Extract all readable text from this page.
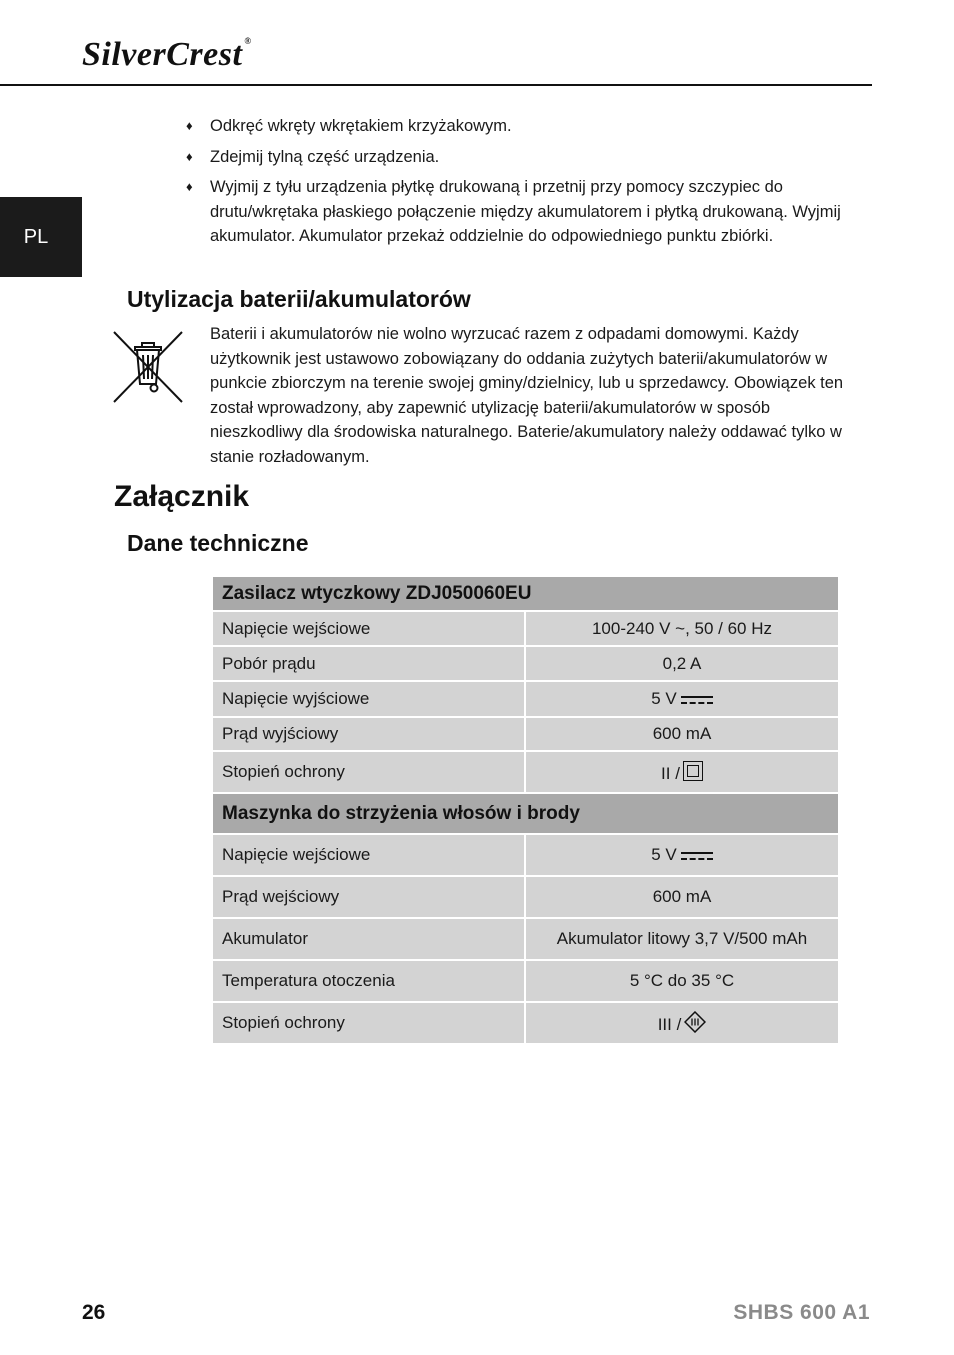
SilverCrest ®
PL
♦ Odkręć wkręty wkrętakiem krzyżakowym.
♦ Zdejmij tylną część urządzenia.
♦ Wyjmij z tyłu urządzenia płytkę drukowaną i przetnij przy pomocy szczypiec do drutu/wkrętaka płaskiego połączenie między akumulatorem i płytką drukowaną. Wyjmij akumulator. Akumulator przekaż oddzielnie do odpowiedniego punktu zbiórki.
Utylizacja baterii/akumulatorów

Baterii i akumulatorów nie wolno wyrzucać razem z odpadami domowymi. Każdy użytkownik jest ustawowo zobowiązany do oddania zużytych baterii/akumulatorów w punkcie zbiorczym na terenie swojej gminy/dzielnicy, lub u sprzedawcy. Obowiązek ten został wprowadzony, aby zapewnić utylizację baterii/akumulatorów w sposób nieszkodliwy dla środowiska naturalnego. Baterie/akumulatory należy oddawać tylko w stanie rozładowanym.

Załącznik
Dane techniczne
Zasilacz wtyczkowy ZDJ050060EU	
Napięcie wejściowe	100-240 V ~, 50 / 60 Hz
Pobór prądu	0,2 A
Napięcie wyjściowe	5 V
Prąd wyjściowy	600 mA
Stopień ochrony	II /
Maszynka do strzyżenia włosów i brody	
Napięcie wejściowe	5 V
Prąd wejściowy	600 mA
Akumulator	Akumulator litowy 3,7 V/500 mAh
Temperatura otoczenia	5 °C do 35 °C
Stopień ochrony	III /
26	SHBS 600 A1
